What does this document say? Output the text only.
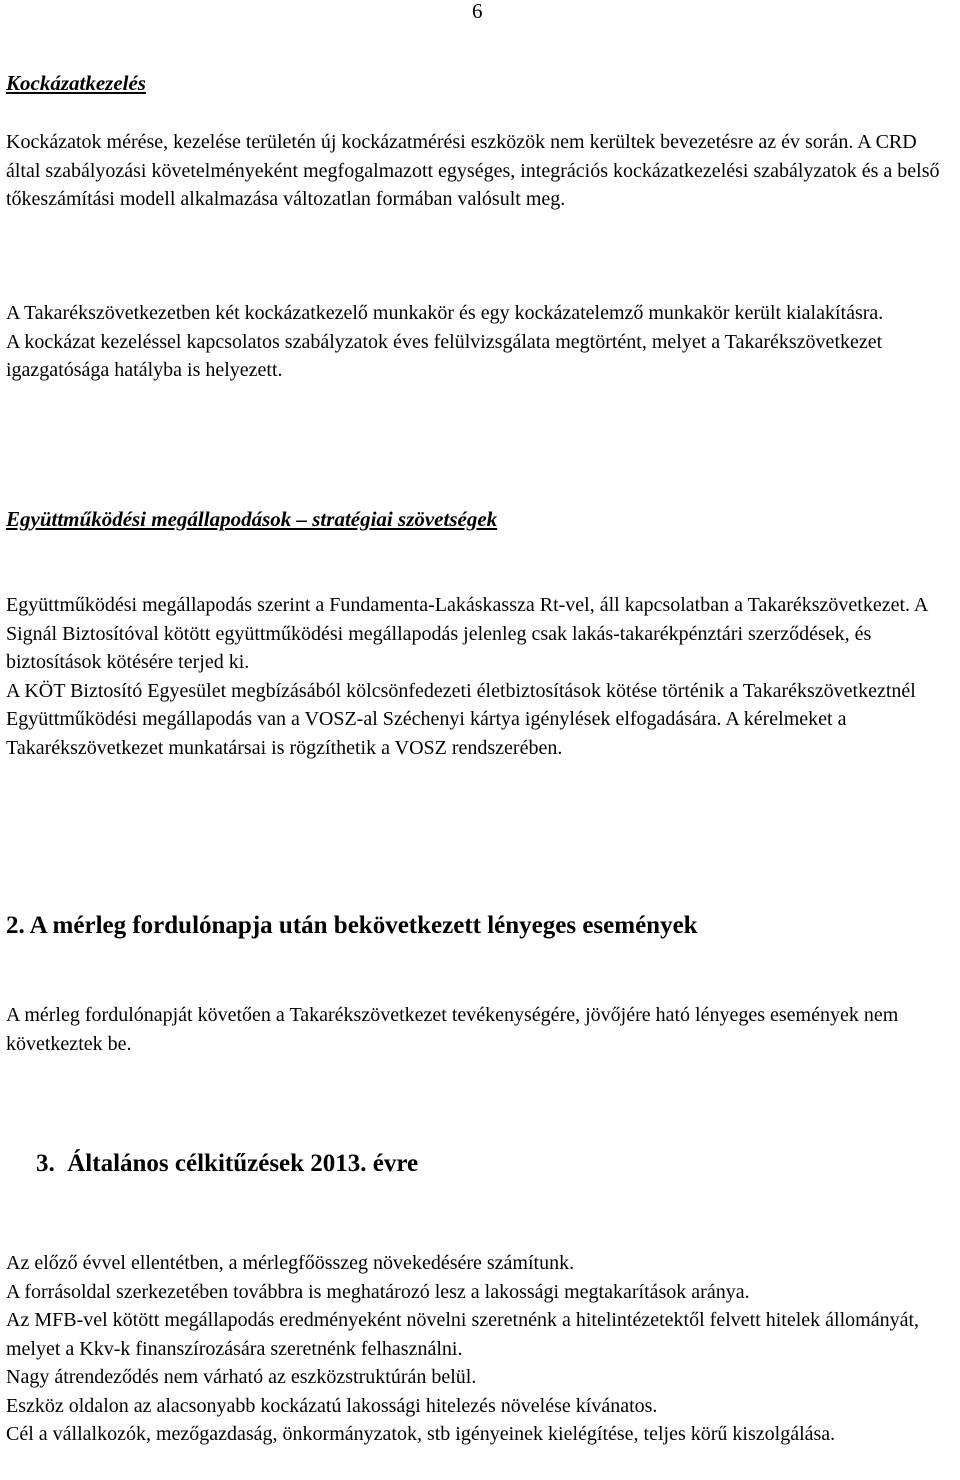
6

Kockázatkezelés

Kockázatok mérése, kezelése területén új kockázatmérési eszközök nem kerültek bevezetésre az év során. A CRD által szabályozási követelményeként megfogalmazott egységes, integrációs kockázatkezelési szabályzatok és a belső tőkeszámítási modell alkalmazása változatlan formában valósult meg.

A Takarékszövetkezetben két kockázatkezelő munkakör és egy kockázatelemző munkakör került kialakításra.

A kockázat kezeléssel kapcsolatos szabályzatok éves felülvizsgálata megtörtént, melyet a Takarékszövetkezet igazgatósága hatályba is helyezett.

Együttműködési megállapodások – stratégiai szövetségek

Együttműködési megállapodás szerint a Fundamenta-Lakáskassza Rt-vel, áll kapcsolatban a Takarékszövetkezet. A Signál Biztosítóval kötött együttműködési megállapodás jelenleg csak lakás-takarékpénztári szerződések, és biztosítások kötésére terjed ki.

A KÖT Biztosító Egyesület megbízásából kölcsönfedezeti életbiztosítások kötése történik a Takarékszövetkeztnél

Együttműködési megállapodás van a VOSZ-al Széchenyi kártya igénylések elfogadására. A kérelmeket a Takarékszövetkezet munkatársai is rögzíthetik a VOSZ rendszerében.

2. A mérleg fordulónapja után bekövetkezett lényeges események

A mérleg fordulónapját követően a Takarékszövetkezet tevékenységére, jövőjére ható lényeges események nem következtek be.

3.  Általános célkitűzések 2013. évre

Az előző évvel ellentétben, a mérlegfőösszeg növekedésére számítunk.

A forrásoldal szerkezetében továbbra is meghatározó lesz a lakossági megtakarítások aránya.

Az MFB-vel kötött megállapodás eredményeként növelni szeretnénk a hitelintézetektől felvett hitelek állományát, melyet a Kkv-k finanszírozására szeretnénk felhasználni.

Nagy átrendeződés nem várható az eszközstruktúrán belül.

Eszköz oldalon az alacsonyabb kockázatú lakossági hitelezés növelése kívánatos.

Cél a vállalkozók, mezőgazdaság, önkormányzatok, stb igényeinek kielégítése, teljes körű kiszolgálása.
